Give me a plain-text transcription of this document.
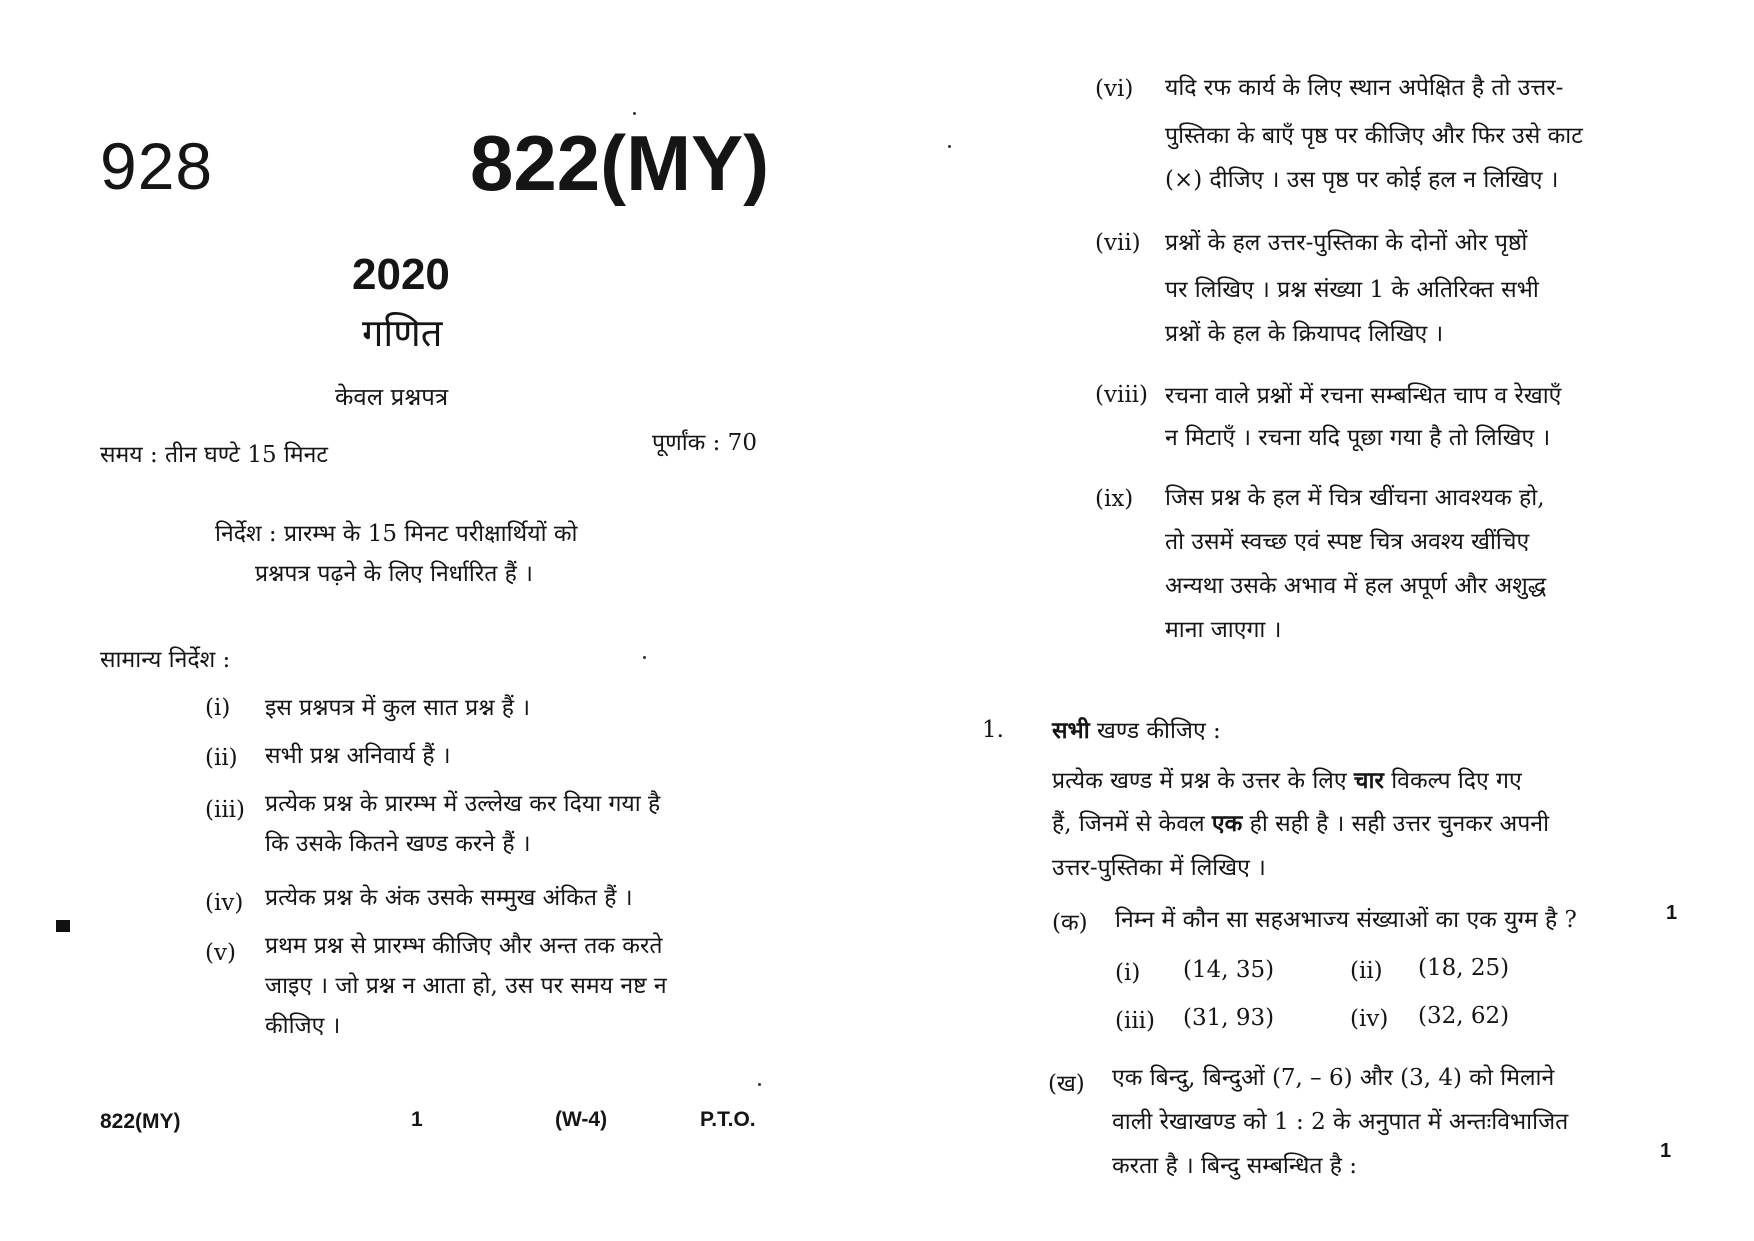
928	822(MY)
2020
गणित
केवल प्रश्नपत्र
समय : तीन घण्टे 15 मिनट	पूर्णांक : 70
निर्देश : प्रारम्भ के 15 मिनट परीक्षार्थियों को
प्रश्नपत्र पढ़ने के लिए निर्धारित हैं ।
सामान्य निर्देश :
(i) इस प्रश्नपत्र में कुल सात प्रश्न हैं ।
(ii) सभी प्रश्न अनिवार्य हैं ।
(iii) प्रत्येक प्रश्न के प्रारम्भ में उल्लेख कर दिया गया है
कि उसके कितने खण्ड करने हैं ।
(iv) प्रत्येक प्रश्न के अंक उसके सम्मुख अंकित हैं ।
(v) प्रथम प्रश्न से प्रारम्भ कीजिए और अन्त तक करते
जाइए । जो प्रश्न न आता हो, उस पर समय नष्ट न
कीजिए ।
822(MY)	1	(W-4)	P.T.O.
(vi) यदि रफ कार्य के लिए स्थान अपेक्षित है तो उत्तर-
पुस्तिका के बाएँ पृष्ठ पर कीजिए और फिर उसे काट
(×) दीजिए । उस पृष्ठ पर कोई हल न लिखिए ।
(vii) प्रश्नों के हल उत्तर-पुस्तिका के दोनों ओर पृष्ठों
पर लिखिए । प्रश्न संख्या 1 के अतिरिक्त सभी
प्रश्नों के हल के क्रियापद लिखिए ।
(viii) रचना वाले प्रश्नों में रचना सम्बन्धित चाप व रेखाएँ
न मिटाएँ । रचना यदि पूछा गया है तो लिखिए ।
(ix) जिस प्रश्न के हल में चित्र खींचना आवश्यक हो,
तो उसमें स्वच्छ एवं स्पष्ट चित्र अवश्य खींचिए
अन्यथा उसके अभाव में हल अपूर्ण और अशुद्ध
माना जाएगा ।
1. सभी खण्ड कीजिए :
प्रत्येक खण्ड में प्रश्न के उत्तर के लिए चार विकल्प दिए गए
हैं, जिनमें से केवल एक ही सही है । सही उत्तर चुनकर अपनी
उत्तर-पुस्तिका में लिखिए ।
(क) निम्न में कौन सा सहअभाज्य संख्याओं का एक युग्म है ?	1
(i) (14, 35)	(ii) (18, 25)
(iii) (31, 93)	(iv) (32, 62)
(ख) एक बिन्दु, बिन्दुओं (7, – 6) और (3, 4) को मिलाने
वाली रेखाखण्ड को 1 : 2 के अनुपात में अन्तःविभाजित
करता है । बिन्दु सम्बन्धित है :
1
